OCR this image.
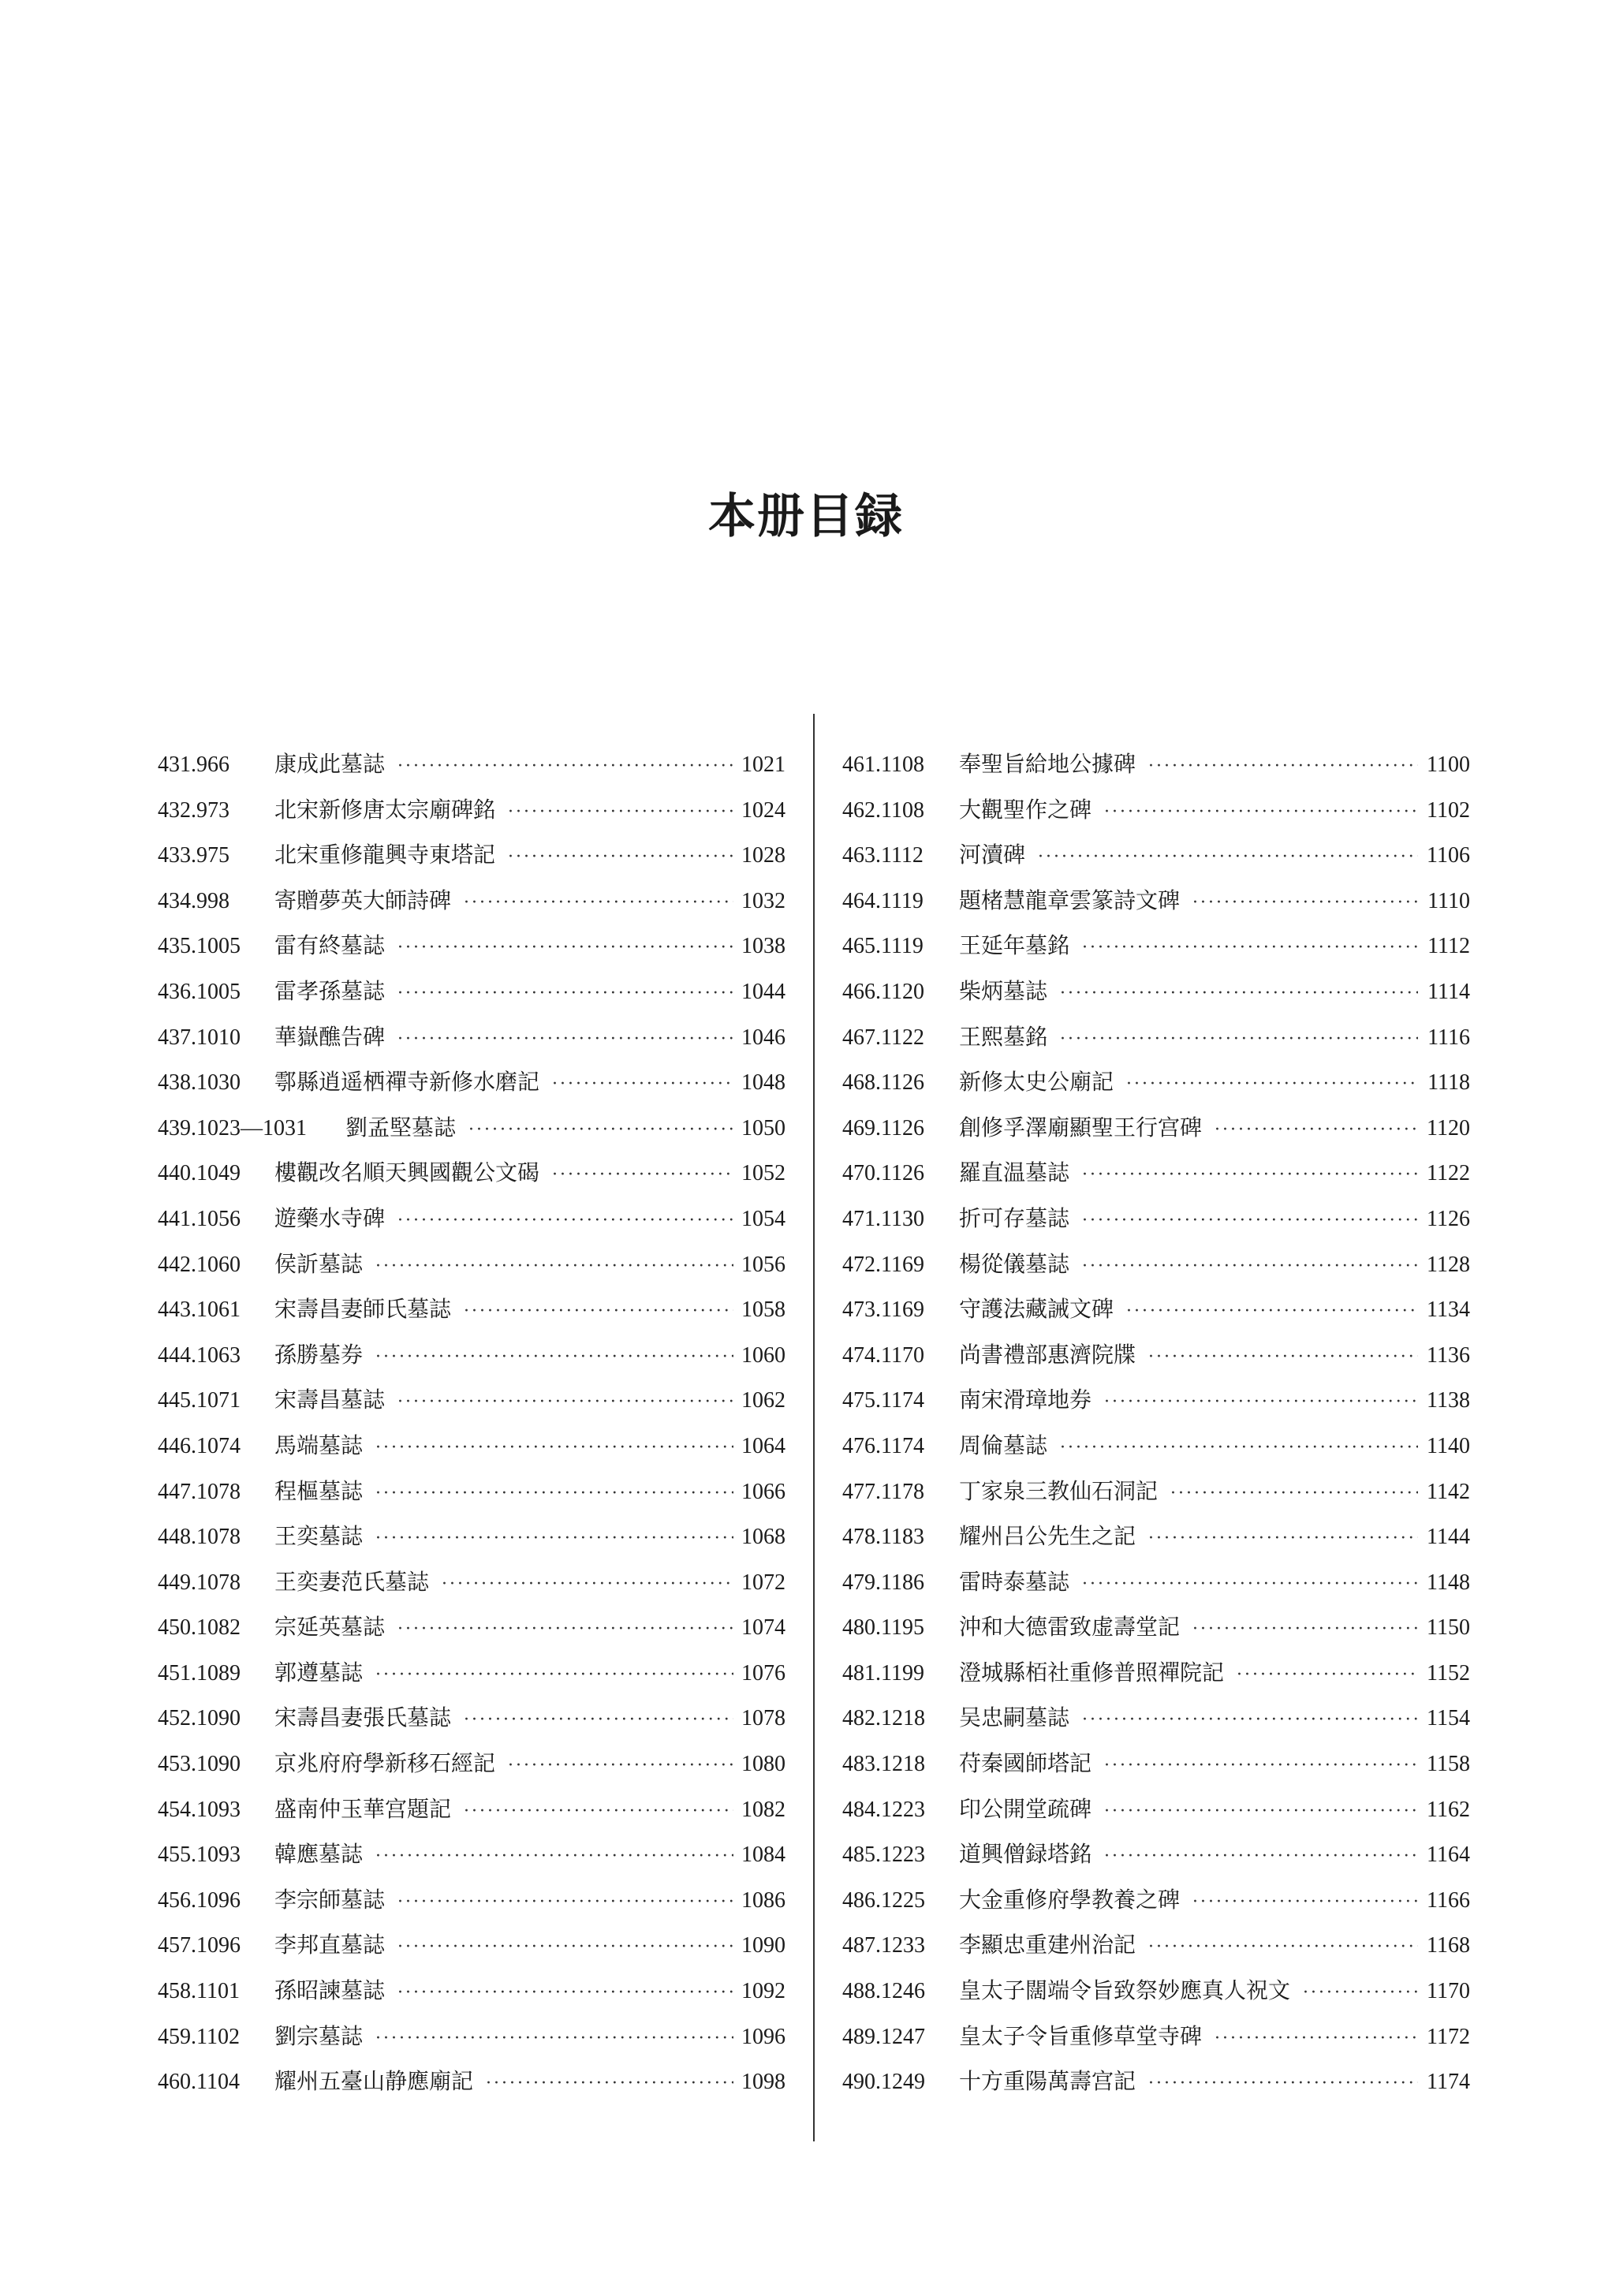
本册目録
431.966	康成此墓誌 ·····	1021
432.973	北宋新修唐太宗廟碑銘 ·····	1024
433.975	北宋重修龍興寺東塔記 ·····	1028
434.998	寄贈夢英大師詩碑 ·····	1032
435.1005	雷有終墓誌 ·····	1038
436.1005	雷孝孫墓誌 ·····	1044
437.1010	華嶽醮告碑 ·····	1046
438.1030	鄠縣逍遥栖禪寺新修水磨記 ·····	1048
439.1023—1031	劉孟堅墓誌 ·····	1050
440.1049	樓觀改名順天興國觀公文碣 ·····	1052
441.1056	遊藥水寺碑 ·····	1054
442.1060	侯訢墓誌 ·····	1056
443.1061	宋壽昌妻師氏墓誌 ·····	1058
444.1063	孫勝墓券 ·····	1060
445.1071	宋壽昌墓誌 ·····	1062
446.1074	馬端墓誌 ·····	1064
447.1078	程樞墓誌 ·····	1066
448.1078	王奕墓誌 ·····	1068
449.1078	王奕妻范氏墓誌 ·····	1072
450.1082	宗延英墓誌 ·····	1074
451.1089	郭遵墓誌 ·····	1076
452.1090	宋壽昌妻張氏墓誌 ·····	1078
453.1090	京兆府府學新移石經記 ·····	1080
454.1093	盛南仲玉華宫題記 ·····	1082
455.1093	韓應墓誌 ·····	1084
456.1096	李宗師墓誌 ·····	1086
457.1096	李邦直墓誌 ·····	1090
458.1101	孫昭諫墓誌 ·····	1092
459.1102	劉宗墓誌 ·····	1096
460.1104	耀州五臺山静應廟記 ·····	1098
461.1108	奉聖旨給地公據碑 ·····	1100
462.1108	大觀聖作之碑 ·····	1102
463.1112	河瀆碑 ·····	1106
464.1119	題楮慧龍章雲篆詩文碑 ·····	1110
465.1119	王延年墓銘 ·····	1112
466.1120	柴炳墓誌 ·····	1114
467.1122	王熙墓銘 ·····	1116
468.1126	新修太史公廟記 ·····	1118
469.1126	創修孚澤廟顯聖王行宫碑 ·····	1120
470.1126	羅直温墓誌 ·····	1122
471.1130	折可存墓誌 ·····	1126
472.1169	楊從儀墓誌 ·····	1128
473.1169	守護法藏誡文碑 ·····	1134
474.1170	尚書禮部惠濟院牒 ·····	1136
475.1174	南宋滑璋地券 ·····	1138
476.1174	周倫墓誌 ·····	1140
477.1178	丁家泉三教仙石洞記 ·····	1142
478.1183	耀州吕公先生之記 ·····	1144
479.1186	雷時泰墓誌 ·····	1148
480.1195	沖和大德雷致虚壽堂記 ·····	1150
481.1199	澄城縣栢社重修普照禪院記 ·····	1152
482.1218	吴忠嗣墓誌 ·····	1154
483.1218	苻秦國師塔記 ·····	1158
484.1223	印公開堂疏碑 ·····	1162
485.1223	道興僧録塔銘 ·····	1164
486.1225	大金重修府學教養之碑 ·····	1166
487.1233	李顯忠重建州治記 ·····	1168
488.1246	皇太子闊端令旨致祭妙應真人祝文 ·····	1170
489.1247	皇太子令旨重修草堂寺碑 ·····	1172
490.1249	十方重陽萬壽宫記 ·····	1174
